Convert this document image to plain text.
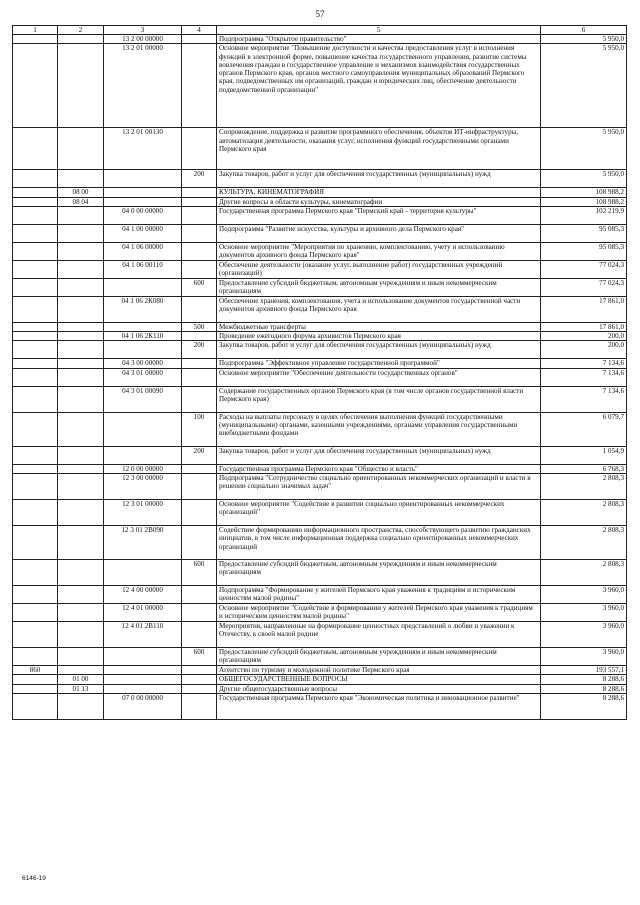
57
1	2	3	4	5	6
		13 2 00 00000		Подпрограмма "Открытое правительство"	5 950,0
		13 2 01 00000		Основное мероприятие "Повышение доступности и качества предоставления услуг в исполнения функций в электронной форме, повышение качества государственного управления, развитие системы вовлечения граждан в государственное управление и механизмов взаимодействия государственных органов Пермского края, органов местного самоуправления муниципальных образований Пермского края, подведомственных им организаций, граждан и юридических лиц, обеспечение деятельности подведомственной организации"	5 950,0
		13 2 01 00130		Сопровождение, поддержка и развитие программного обеспечения, объектов ИТ-инфраструктуры, автоматизация деятельности, оказания услуг, исполнения функций государственными органами Пермского края	5 950,0
			200	Закупка товаров, работ и услуг для обеспечения государственных (муниципальных) нужд	5 950,0
	08 00			КУЛЬТУРА, КИНЕМАТОГРАФИЯ	108 988,2
	08 04			Другие вопросы в области культуры, кинематографии	108 988,2
		04 0 00 00000		Государственная программа Пермского края "Пермский край - территория культуры"	102 219,9
		04 1 00 00000		Подпрограмма "Развитие искусства, культуры и архивного дела Пермского края"	95 085,3
		04 1 06 00000		Основное мероприятие "Мероприятия по хранению, комплектованию, учету и использованию документов архивного фонда Пермского края"	95 085,3
		04 1 06 00110		Обеспечение деятельности (оказание услуг, выполнение работ) государственных учреждений (организаций)	77 024,3
			600	Предоставление субсидий бюджетным, автономным учреждениям и иным некоммерческим организациям	77 024,3
		04 1 06 2К080		Обеспечение хранения, комплектования, учета и использование документов государственной части документов архивного фонда Пермского края	17 861,0
			500	Межбюджетные трансферты	17 861,0
		04 1 06 2К110		Проведение ежегодного форума архивистов Пермского края	200,0
			200	Закупка товаров, работ и услуг для обеспечения государственных (муниципальных) нужд	200,0
		04 3 00 00000		Подпрограмма "Эффективное управление государственной программой"	7 134,6
		04 3 01 00000		Основное мероприятие "Обеспечение деятельности государственных органов"	7 134,6
		04 3 01 00090		Содержание государственных органов Пермского края (в том числе органов государственной власти Пермского края)	7 134,6
			100	Расходы на выплаты персоналу в целях обеспечения выполнения функций государственными (муниципальными) органами, казенными учреждениями, органами управления государственными внебюджетными фондами	6 079,7
			200	Закупка товаров, работ и услуг для обеспечения государственных (муниципальных) нужд	1 054,9
		12 0 00 00000		Государственная программа Пермского края "Общество и власть"	6 768,3
		12 3 00 00000		Подпрограмма "Сотрудничество социально ориентированных некоммерческих организаций и власти в решении социально значимых задач"	2 808,3
		12 3 01 00000		Основное мероприятие "Содействие в развитии социально ориентированных некоммерческих организаций"	2 808,3
		12 3 01 2В090		Содействие формированию информационного пространства, способствующего развитию гражданских инициатив, в том числе информационная поддержка социально ориентированных некоммерческих организаций	2 808,3
			600	Предоставление субсидий бюджетным, автономным учреждениям и иным некоммерческим организациям	2 808,3
		12 4 00 00000		Подпрограмма "Формирование у жителей Пермского края уважения к традициям и историческим ценностям малой родины"	3 960,0
		12 4 01 00000		Основное мероприятие "Содействие в формировании у жителей Пермского края уважения к традициям и историческим ценностям малой родины"	3 960,0
		12 4 01 2В110		Мероприятия, направленные на формирование ценностных представлений о любви и уважении к Отечеству, к своей малой родине	3 960,0
			600	Предоставление субсидий бюджетным, автономным учреждениям и иным некоммерческим организациям	3 960,0
860				Агентство по туризму и молодежной политике Пермского края	193 557,1
	01 00			ОБЩЕГОСУДАРСТВЕННЫЕ ВОПРОСЫ	8 288,6
	01 13			Другие общегосударственные вопросы	8 288,6
		07 0 00 00000		Государственная программа Пермского края "Экономическая политика и инновационное развитие"	8 288,6
6146-19
